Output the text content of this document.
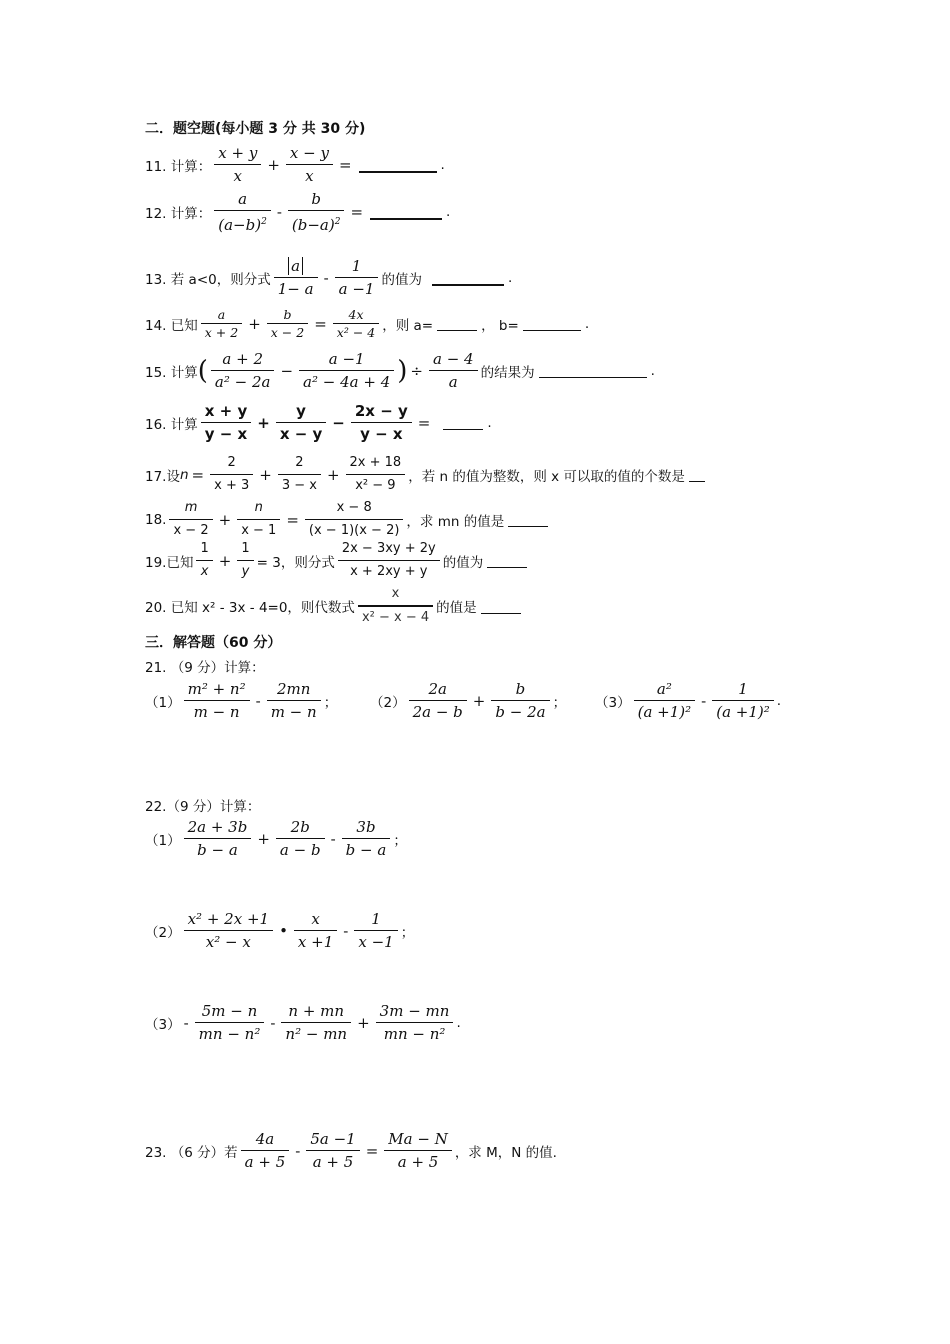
二．题空题(每小题 3 分 共 30 分)
11. 计算： $\frac{x + y}{x} + \frac{x - y}{x}$ =	.
12. 计算： $\frac{a}{(a-b)^2} - \frac{b}{(b-a)^2}$ =	.
13. 若 a<0，则分式 $\frac{a}{1- a} - \frac{1}{a -1}$ 的值为	.
14. 已知 $\frac{a}{x + 2} + \frac{b}{x - 2} = \frac{4x}{\text{x² − 4}}$ ，则 a=	， b=	.
15. 计算 ( $\frac{a + 2}{\text{a² − 2a}} - \frac{a -1}{\text{a² − 4a + 4}}$ ) ÷ $\frac{a - 4}{a}$ 的结果为	.
16. 计算 $\frac{x + y}{y - x} + \frac{y}{x - y} - \frac{2x - y}{y - x}$ =	.
17.设 $n = \frac{2}{x + 3} + \frac{2}{3 - x} + \frac{2x + 18}{\text{x² − 9}}$ ，若 n 的值为整数，则 x 可以取的值的个数是
18. $\frac{m}{x - 2} + \frac{n}{x - 1} = \frac{x - 8}{(x - 1)(x - 2)}$ ，求 mn 的值是
19.已知 $\frac{1}{x} + \frac{1}{y} = 3$，则分式 $\frac{2x - 3xy + 2y}{x + 2xy + y}$ 的值为
20. 已知 x² - 3x - 4=0，则代数式 $\frac{x}{\text{x² − x − 4}}$ 的值是
三．解答题（60 分）
21. （9 分）计算：
$(1) \frac{\text{m² + n²}}{m - n} - \frac{2mn}{m - n}$ ； $(2) \frac{2a}{2a - b} + \frac{b}{b - 2a}$ ； $(3) \frac{\text{a²}}{\text{(a +1)²}} - \frac{1}{\text{(a +1)²}}$ .
22.（9 分）计算：
$(1) \frac{2a + 3b}{b - a} + \frac{2b}{a - b} - \frac{3b}{b - a}$ ；
$(2) \frac{\text{x² + 2x +1}}{\text{x² − x}}$ • $\frac{x}{x +1} - \frac{1}{x -1}$ ；
$(3) - \frac{5m - n}{\text{mn − n²}} - \frac{n + mn}{\text{n² − mn}} + \frac{3m - mn}{\text{mn − n²}}$ .
23. （6 分）若 $\frac{4a}{a + 5} - \frac{5a -1}{a + 5} = \frac{Ma - N}{a + 5}$ ，求 M，N 的值.
